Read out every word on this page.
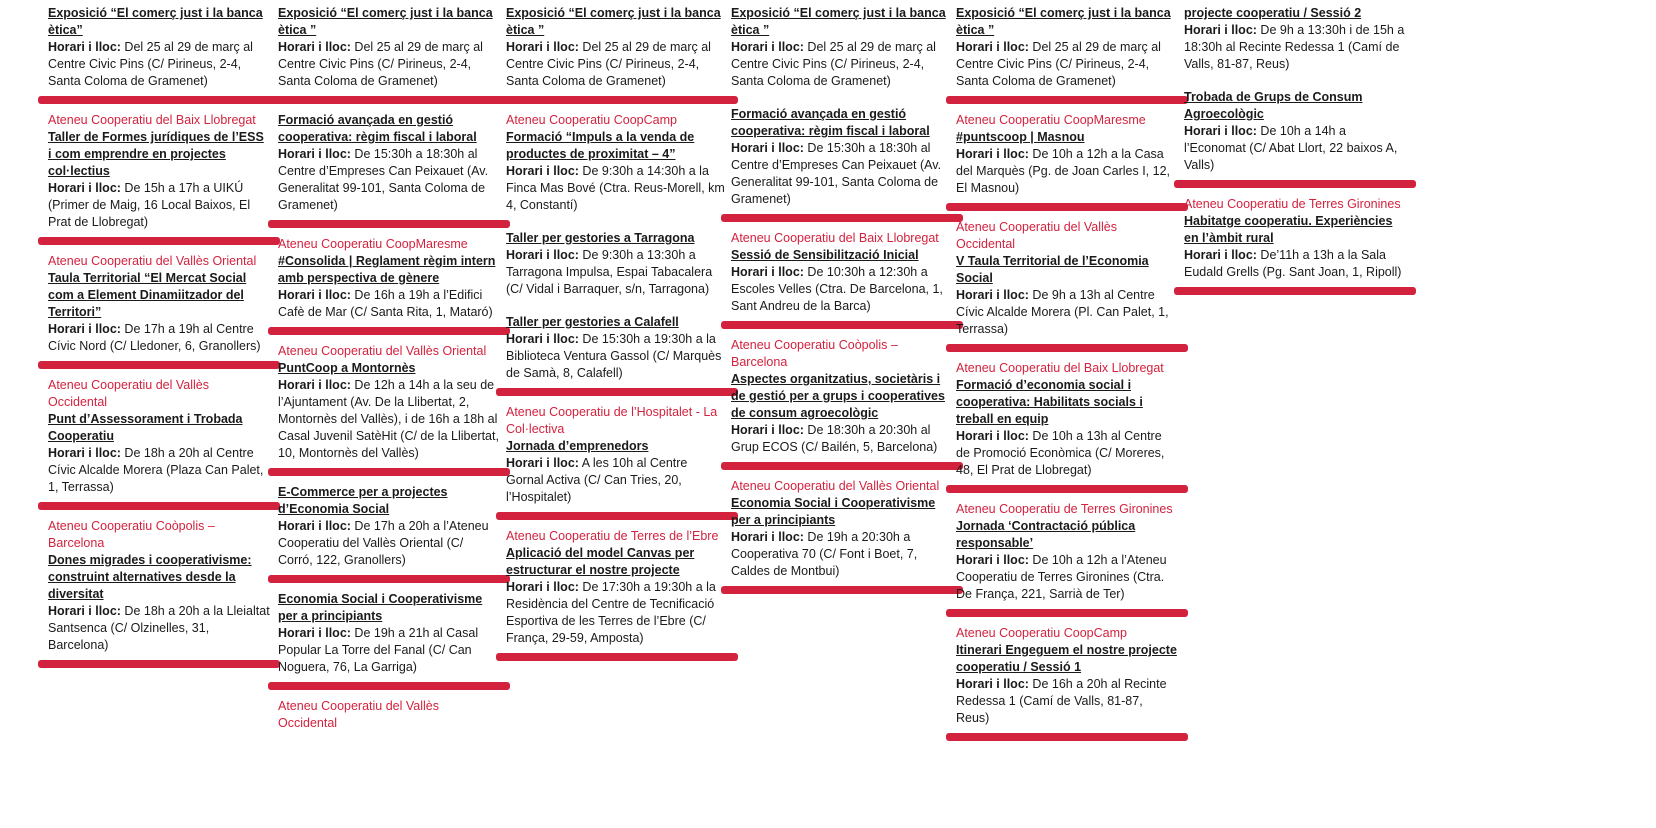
Exposició “El comerç just i la banca ètica”
Horari i lloc: Del 25 al 29 de març al Centre Civic Pins (C/ Pirineus, 2-4, Santa Coloma de Gramenet)
Ateneu Cooperatiu del Baix Llobregat
Taller de Formes jurídiques de l’ESS i com emprendre en projectes col·lectius
Horari i lloc: De 15h a 17h a UIKÚ (Primer de Maig, 16 Local Baixos, El Prat de Llobregat)
Ateneu Cooperatiu del Vallès Oriental
Taula Territorial “El Mercat Social com a Element Dinamiitzador del Territori”
Horari i lloc: De 17h a 19h al Centre Cívic Nord (C/ Lledoner, 6, Granollers)
Ateneu Cooperatiu del Vallès Occidental
Punt d’Assessorament i Trobada Cooperatiu
Horari i lloc: De 18h a 20h al Centre Cívic Alcalde Morera (Plaza Can Palet, 1, Terrassa)
Ateneu Cooperatiu Coòpolis – Barcelona
Dones migrades i cooperativisme: construint alternatives desde la diversitat
Horari i lloc: De 18h a 20h a la Lleialtat Santsenca (C/ Olzinelles, 31, Barcelona)
Exposició “El comerç just i la banca ètica ”
Horari i lloc: Del 25 al 29 de març al Centre Civic Pins (C/ Pirineus, 2-4, Santa Coloma de Gramenet)
Formació avançada en gestió cooperativa: règim fiscal i laboral
Horari i lloc: De 15:30h a 18:30h al Centre d’Empreses Can Peixauet (Av. Generalitat 99-101, Santa Coloma de Gramenet)
Ateneu Cooperatiu CoopMaresme
#Consolida | Reglament règim intern amb perspectiva de gènere
Horari i lloc: De 16h a 19h a l’Edifici Cafè de Mar (C/ Santa Rita, 1, Mataró)
Ateneu Cooperatiu del Vallès Oriental
PuntCoop a Montornès
Horari i lloc: De 12h a 14h a la seu de l’Ajuntament (Av. De la Llibertat, 2, Montornès del Vallès), i de 16h a 18h al Casal Juvenil SatèHit (C/ de la Llibertat, 10, Montornès del Vallès)
E-Commerce per a projectes d’Economia Social
Horari i lloc: De 17h a 20h a l’Ateneu Cooperatiu del Vallès Oriental (C/ Corró, 122, Granollers)
Economia Social i Cooperativisme per a principiants
Horari i lloc: De 19h a 21h al Casal Popular La Torre del Fanal (C/ Can Noguera, 76, La Garriga)
Ateneu Cooperatiu del Vallès Occidental
Exposició “El comerç just i la banca ètica ”
Horari i lloc: Del 25 al 29 de març al Centre Civic Pins (C/ Pirineus, 2-4, Santa Coloma de Gramenet)
Ateneu Cooperatiu CoopCamp
Formació “Impuls a la venda de productes de proximitat – 4”
Horari i lloc: De 9:30h a 14:30h a la Finca Mas Bové (Ctra. Reus-Morell, km 4, Constantí)
Taller per gestories a Tarragona
Horari i lloc: De 9:30h a 13:30h a Tarragona Impulsa, Espai Tabacalera (C/ Vidal i Barraquer, s/n, Tarragona)
Taller per gestories a Calafell
Horari i lloc: De 15:30h a 19:30h a la Biblioteca Ventura Gassol (C/ Marquès de Samà, 8, Calafell)
Ateneu Cooperatiu de l’Hospitalet - La Col·lectiva
Jornada d’emprenedors
Horari i lloc: A les 10h al Centre Gornal Activa (C/ Can Tries, 20, l’Hospitalet)
Ateneu Cooperatiu de Terres de l’Ebre
Aplicació del model Canvas per estructurar el nostre projecte
Horari i lloc: De 17:30h a 19:30h a la Residència del Centre de Tecnificació Esportiva de les Terres de l’Ebre (C/ França, 29-59, Amposta)
Exposició “El comerç just i la banca ètica ”
Horari i lloc: Del 25 al 29 de març al Centre Civic Pins (C/ Pirineus, 2-4, Santa Coloma de Gramenet)
Formació avançada en gestió cooperativa: règim fiscal i laboral
Horari i lloc: De 15:30h a 18:30h al Centre d’Empreses Can Peixauet (Av. Generalitat 99-101, Santa Coloma de Gramenet)
Ateneu Cooperatiu del Baix Llobregat
Sessió de Sensibilització Inicial
Horari i lloc: De 10:30h a 12:30h a Escoles Velles (Ctra. De Barcelona, 1, Sant Andreu de la Barca)
Ateneu Cooperatiu Coòpolis – Barcelona
Aspectes organitzatius, societàris i de gestió per a grups i cooperatives de consum agroecològic
Horari i lloc: De 18:30h a 20:30h al Grup ECOS (C/ Bailén, 5, Barcelona)
Ateneu Cooperatiu del Vallès Oriental
Economia Social i Cooperativisme per a principiants
Horari i lloc: De 19h a 20:30h a Cooperativa 70 (C/ Font i Boet, 7, Caldes de Montbui)
Exposició “El comerç just i la banca ètica ”
Horari i lloc: Del 25 al 29 de març al Centre Civic Pins (C/ Pirineus, 2-4, Santa Coloma de Gramenet)
Ateneu Cooperatiu CoopMaresme
#puntscoop | Masnou
Horari i lloc: De 10h a 12h a la Casa del Marquès (Pg. de Joan Carles I, 12, El Masnou)
Ateneu Cooperatiu del Vallès Occidental
V Taula Territorial de l’Economia Social
Horari i lloc: De 9h a 13h al Centre Cívic Alcalde Morera (Pl. Can Palet, 1, Terrassa)
Ateneu Cooperatiu del Baix Llobregat
Formació d’economia social i cooperativa: Habilitats socials i treball en equip
Horari i lloc: De 10h a 13h al Centre de Promoció Econòmica (C/ Moreres, 48, El Prat de Llobregat)
Ateneu Cooperatiu de Terres Gironines
Jornada ‘Contractació pública responsable’
Horari i lloc: De 10h a 12h a l’Ateneu Cooperatiu de Terres Gironines (Ctra. De França, 221, Sarrià de Ter)
Ateneu Cooperatiu CoopCamp
Itinerari Engeguem el nostre projecte cooperatiu / Sessió 1
Horari i lloc: De 16h a 20h al Recinte Redessa 1 (Camí de Valls, 81-87, Reus)
projecte cooperatiu / Sessió 2
Horari i lloc: De 9h a 13:30h i de 15h a 18:30h al Recinte Redessa 1 (Camí de Valls, 81-87, Reus)
Trobada de Grups de Consum Agroecològic
Horari i lloc: De 10h a 14h a l’Economat (C/ Abat Llort, 22 baixos A, Valls)
Ateneu Cooperatiu de Terres Gironines
Habitatge cooperatiu. Experiències en l’àmbit rural
Horari i lloc: De’11h a 13h a la Sala Eudald Grells (Pg. Sant Joan, 1, Ripoll)
